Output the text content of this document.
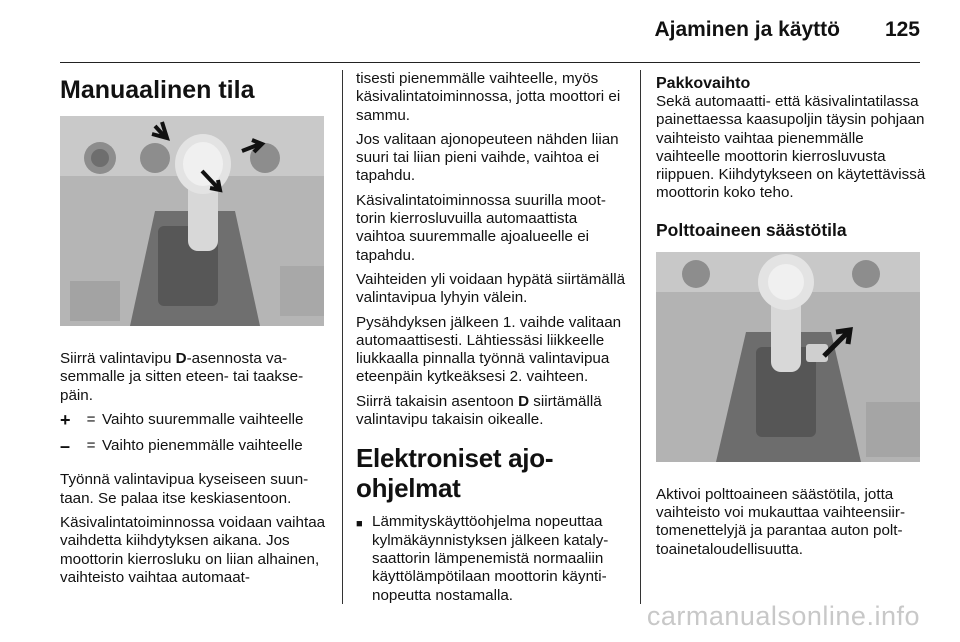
Ajaminen ja käyttö 125
Manuaalinen tila

Siirrä valintavipu D-asennosta vasemmalle ja sitten eteen- tai taaksepäin.

+	= Vaihto suuremmalle vaihteelle
–	= Vaihto pienemmälle vaihteelle

Työnnä valintavipua kyseiseen suuntaan. Se palaa itse keskiasentoon.

Käsivalintatoiminnossa voidaan vaihtaa vaihdetta kiihdytyksen aikana. Jos moottorin kierrosluku on liian alhainen, vaihteisto vaihtaa automaat-

tisesti pienemmälle vaihteelle, myös käsivalintatoiminnossa, jotta moottori ei sammu.

Jos valitaan ajonopeuteen nähden liian suuri tai liian pieni vaihde, vaihtoa ei tapahdu.

Käsivalintatoiminnossa suurilla moottorin kierrosluvuilla automaattista vaihtoa suuremmalle ajoalueelle ei tapahdu.

Vaihteiden yli voidaan hypätä siirtämällä valintavipua lyhyin välein.

Pysähdyksen jälkeen 1. vaihde valitaan automaattisesti. Lähtiessäsi liikkeelle liukkaalla pinnalla työnnä valintavipua eteenpäin kytkeäksesi 2. vaihteen.

Siirrä takaisin asentoon D siirtämällä valintavipu takaisin oikealle.

Elektroniset ajo-ohjelmat
■ Lämmityskäyttöohjelma nopeuttaa kylmäkäynnistyksen jälkeen katalysaattorin lämpenemistä normaaliin käyttölämpötilaan moottorin käyntinopeutta nostamalla.
Pakkovaihto

Sekä automaatti- että käsivalintatilassa painettaessa kaasupoljin täysin pohjaan vaihteisto vaihtaa pienemmälle vaihteelle moottorin kierrosluvusta riippuen. Kiihdytykseen on käytettävissä moottorin koko teho.

Polttoaineen säästötila

Aktivoi polttoaineen säästötila, jotta vaihteisto voi mukauttaa vaihteensiirtomenettelyjä ja parantaa auton polttoainetaloudellisuutta.

carmanualsonline.info
